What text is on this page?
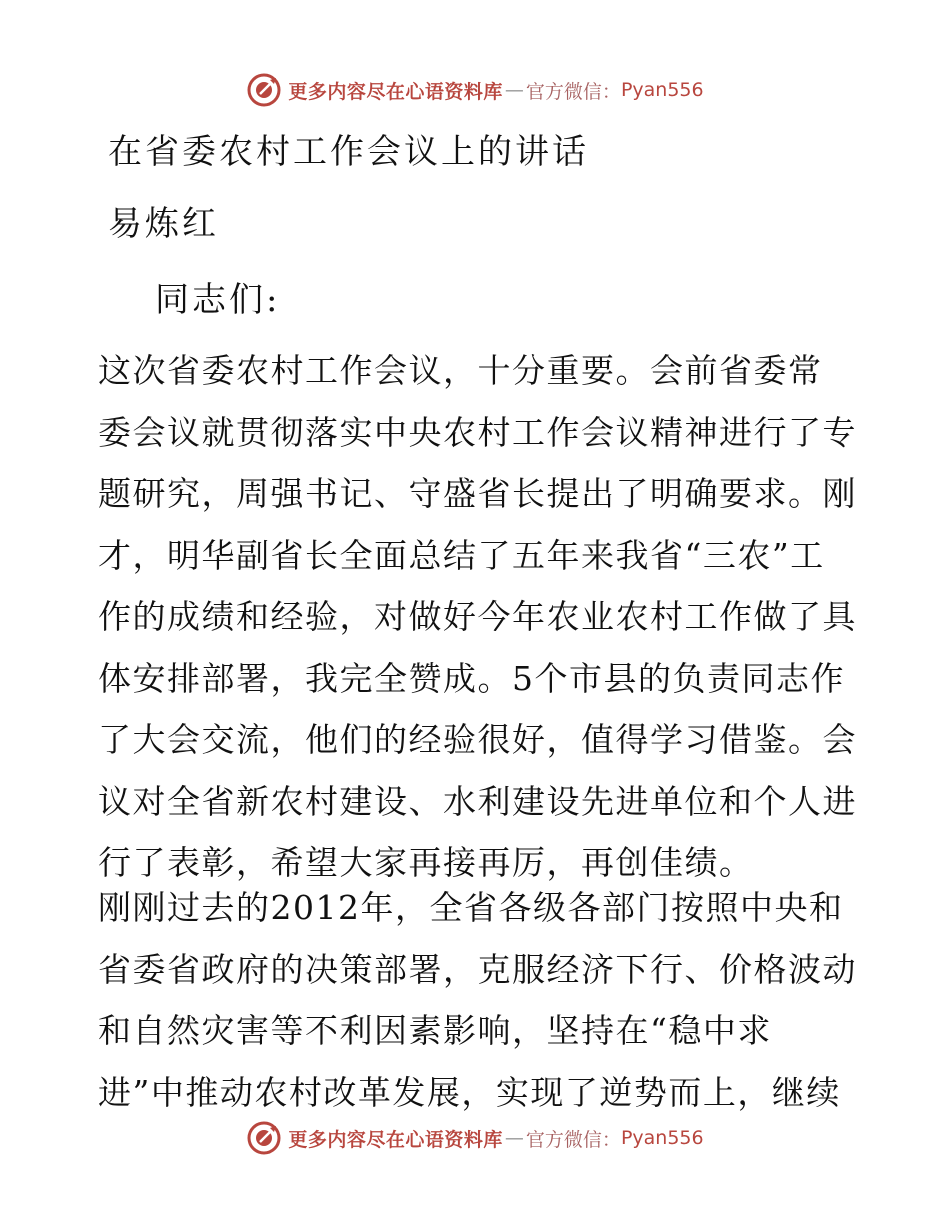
更多内容尽在心语资料库 — 官方微信： Pyan556
在省委农村工作会议上的讲话

易炼红

同志们:

这次省委农村工作会议，十分重要。会前省委常
委会议就贯彻落实中央农村工作会议精神进行了专
题研究，周强书记、守盛省长提出了明确要求。刚
才，明华副省长全面总结了五年来我省“三农”工
作的成绩和经验，对做好今年农业农村工作做了具
体安排部署，我完全赞成。5个市县的负责同志作
了大会交流，他们的经验很好，值得学习借鉴。会
议对全省新农村建设、水利建设先进单位和个人进
行了表彰，希望大家再接再厉，再创佳绩。

刚刚过去的2012年，全省各级各部门按照中央和
省委省政府的决策部署，克服经济下行、价格波动
和自然灾害等不利因素影响，坚持在“稳中求
进”中推动农村改革发展，实现了逆势而上，继续

更多内容尽在心语资料库 — 官方微信： Pyan556
